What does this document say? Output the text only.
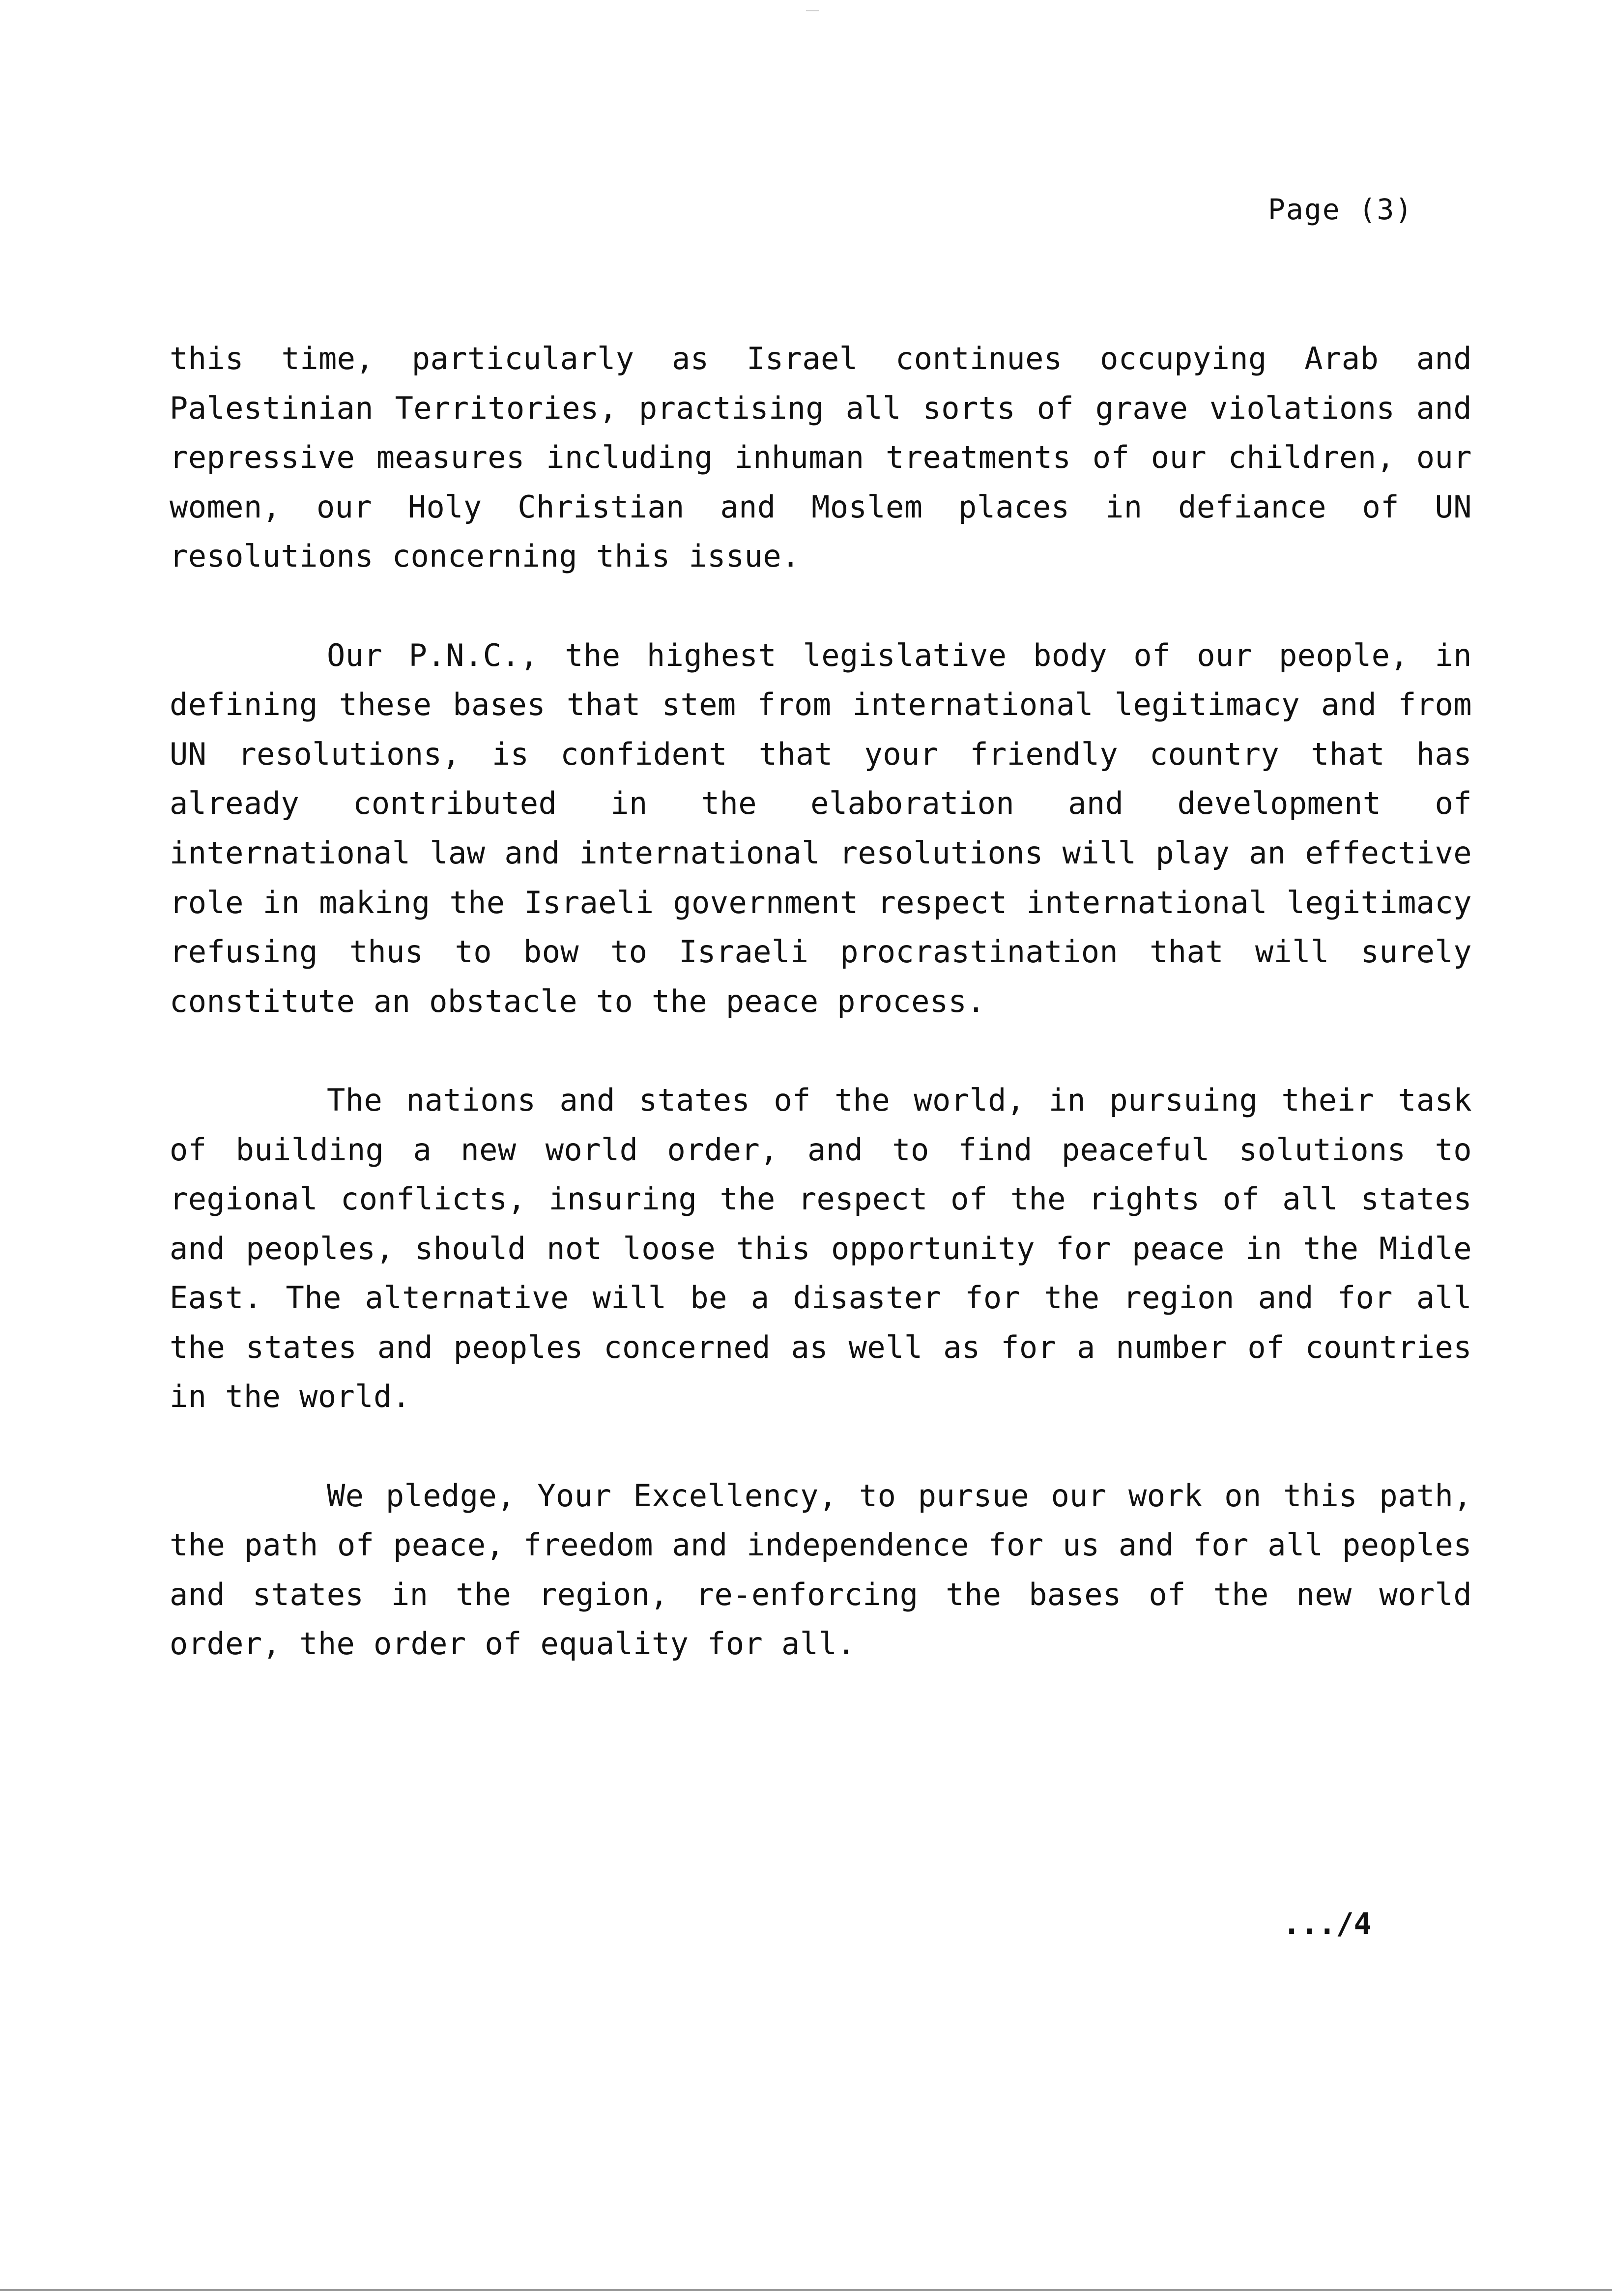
Page (3)

this time, particularly as Israel continues occupying Arab and Palestinian Territories, practising all sorts of grave violations and repressive measures including inhuman treatments of our children, our women, our Holy Christian and Moslem places in defiance of UN resolutions concerning this issue.

Our P.N.C., the highest legislative body of our people, in defining these bases that stem from international legitimacy and from UN resolutions, is confident that your friendly country that has already contributed in the elaboration and development of international law and international resolutions will play an effective role in making the Israeli government respect international legitimacy refusing thus to bow to Israeli procrastination that will surely constitute an obstacle to the peace process.

The nations and states of the world, in pursuing their task of building a new world order, and to find peaceful solutions to regional conflicts, insuring the respect of the rights of all states and peoples, should not loose this opportunity for peace in the Midle East. The alternative will be a disaster for the region and for all the states and peoples concerned as well as for a number of countries in the world.

We pledge, Your Excellency, to pursue our work on this path, the path of peace, freedom and independence for us and for all peoples and states in the region, re-enforcing the bases of the new world order, the order of equality for all.

.../4
